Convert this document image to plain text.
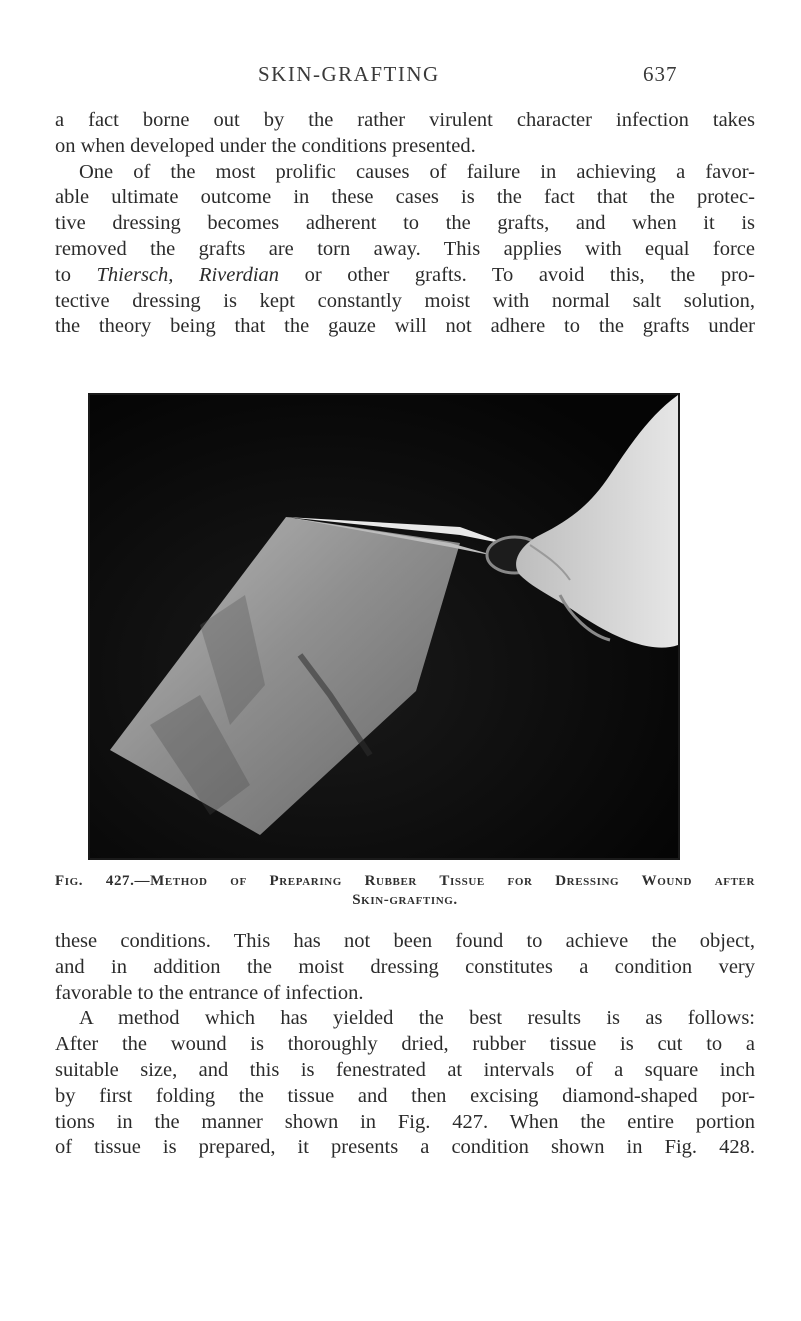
SKIN-GRAFTING	637
a fact borne out by the rather virulent character infection takes
on when developed under the conditions presented.
One of the most prolific causes of failure in achieving a favor-
able ultimate outcome in these cases is the fact that the protec-
tive dressing becomes adherent to the grafts, and when it is
removed the grafts are torn away. This applies with equal force
to Thiersch, Riverdian or other grafts. To avoid this, the pro-
tective dressing is kept constantly moist with normal salt solution,
the theory being that the gauze will not adhere to the grafts under
Fig. 427.—Method of Preparing Rubber Tissue for Dressing Wound after
Skin-grafting.
these conditions. This has not been found to achieve the object,
and in addition the moist dressing constitutes a condition very
favorable to the entrance of infection.
A method which has yielded the best results is as follows:
After the wound is thoroughly dried, rubber tissue is cut to a
suitable size, and this is fenestrated at intervals of a square inch
by first folding the tissue and then excising diamond-shaped por-
tions in the manner shown in Fig. 427. When the entire portion
of tissue is prepared, it presents a condition shown in Fig. 428.
